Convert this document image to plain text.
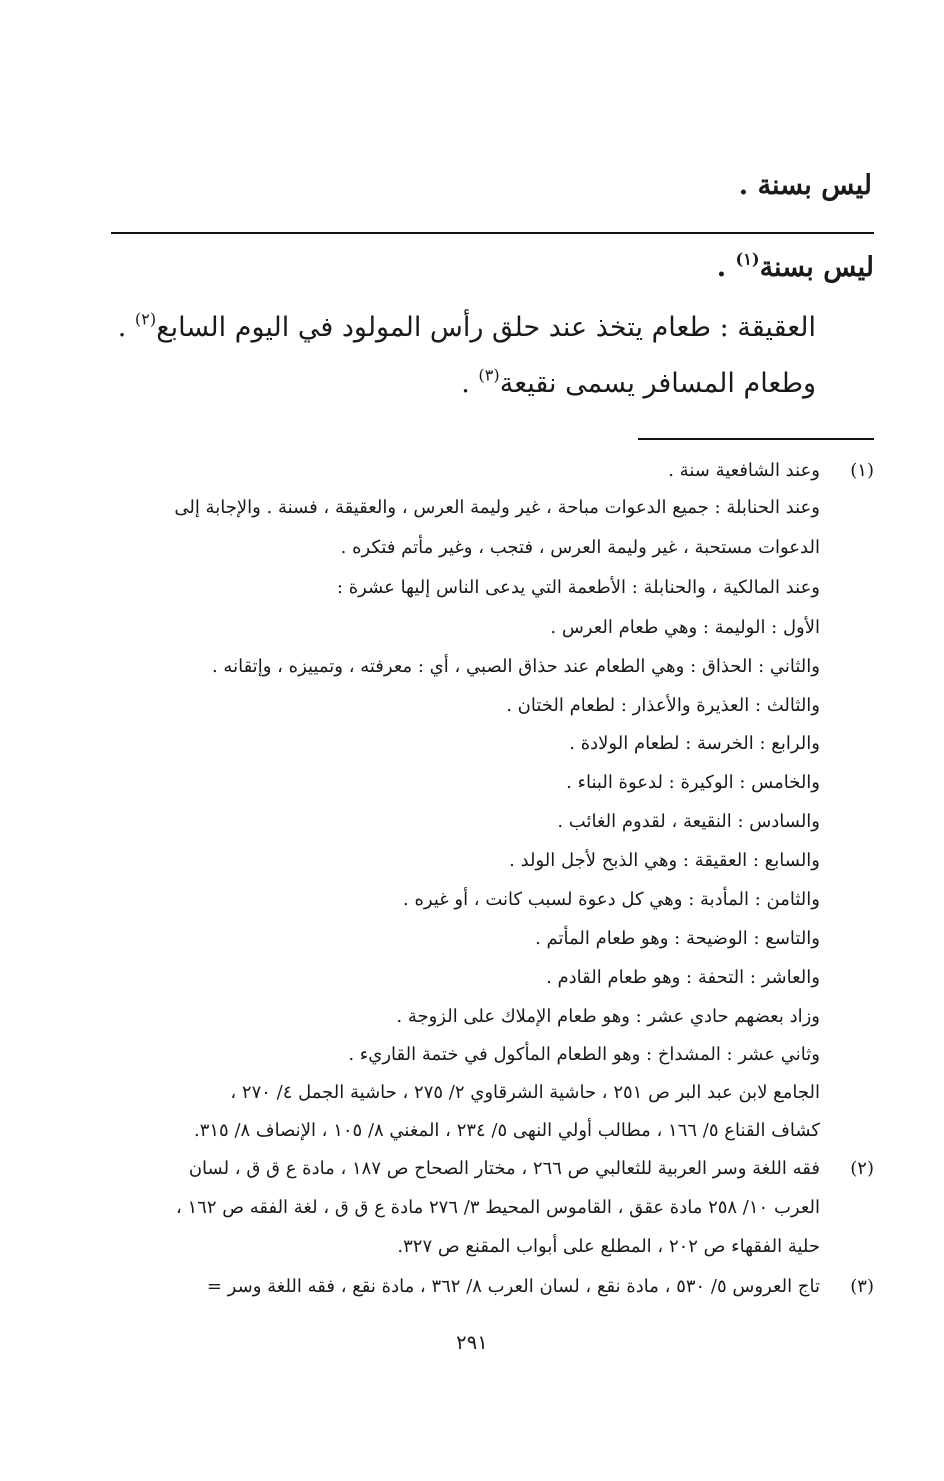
ليس بسنة .
ليس بسنة$^{(١)}$ .
العقيقة : طعام يتخذ عند حلق رأس المولود في اليوم السابع$^{(٢)}$ .
وطعام المسافر يسمى نقيعة$^{(٣)}$ .
(١)
وعند الشافعية سنة .
وعند الحنابلة : جميع الدعوات مباحة ، غير وليمة العرس ، والعقيقة ، فسنة . والإجابة إلى
الدعوات مستحبة ، غير وليمة العرس ، فتجب ، وغير مأتم فتكره .
وعند المالكية ، والحنابلة : الأطعمة التي يدعى الناس إليها عشرة :
الأول : الوليمة : وهي طعام العرس .
والثاني : الحذاق : وهي الطعام عند حذاق الصبي ، أي : معرفته ، وتمييزه ، وإتقانه .
والثالث : العذيرة والأعذار : لطعام الختان .
والرابع : الخرسة : لطعام الولادة .
والخامس : الوكيرة : لدعوة البناء .
والسادس : النقيعة ، لقدوم الغائب .
والسابع : العقيقة : وهي الذبح لأجل الولد .
والثامن : المأدبة : وهي كل دعوة لسبب كانت ، أو غيره .
والتاسع : الوضيحة : وهو طعام المأتم .
والعاشر : التحفة : وهو طعام القادم .
وزاد بعضهم حادي عشر : وهو طعام الإملاك على الزوجة .
وثاني عشر : المشداخ : وهو الطعام المأكول في ختمة القاريء .
الجامع لابن عبد البر ص ٢٥١ ، حاشية الشرقاوي ٢/ ٢٧٥ ، حاشية الجمل ٤/ ٢٧٠ ،
كشاف القناع ٥/ ١٦٦ ، مطالب أولي النهى ٥/ ٢٣٤ ، المغني ٨/ ١٠٥ ، الإنصاف ٨/ ٣١٥.
(٢)
فقه اللغة وسر العربية للثعالبي ص ٢٦٦ ، مختار الصحاح ص ١٨٧ ، مادة ع ق ق ، لسان
العرب ١٠/ ٢٥٨ مادة عقق ، القاموس المحيط ٣/ ٢٧٦ مادة ع ق ق ، لغة الفقه ص ١٦٢ ،
حلية الفقهاء ص ٢٠٢ ، المطلع على أبواب المقنع ص ٣٢٧.
(٣)
تاج العروس ٥/ ٥٣٠ ، مادة نقع ، لسان العرب ٨/ ٣٦٢ ، مادة نقع ، فقه اللغة وسر =
٢٩١
